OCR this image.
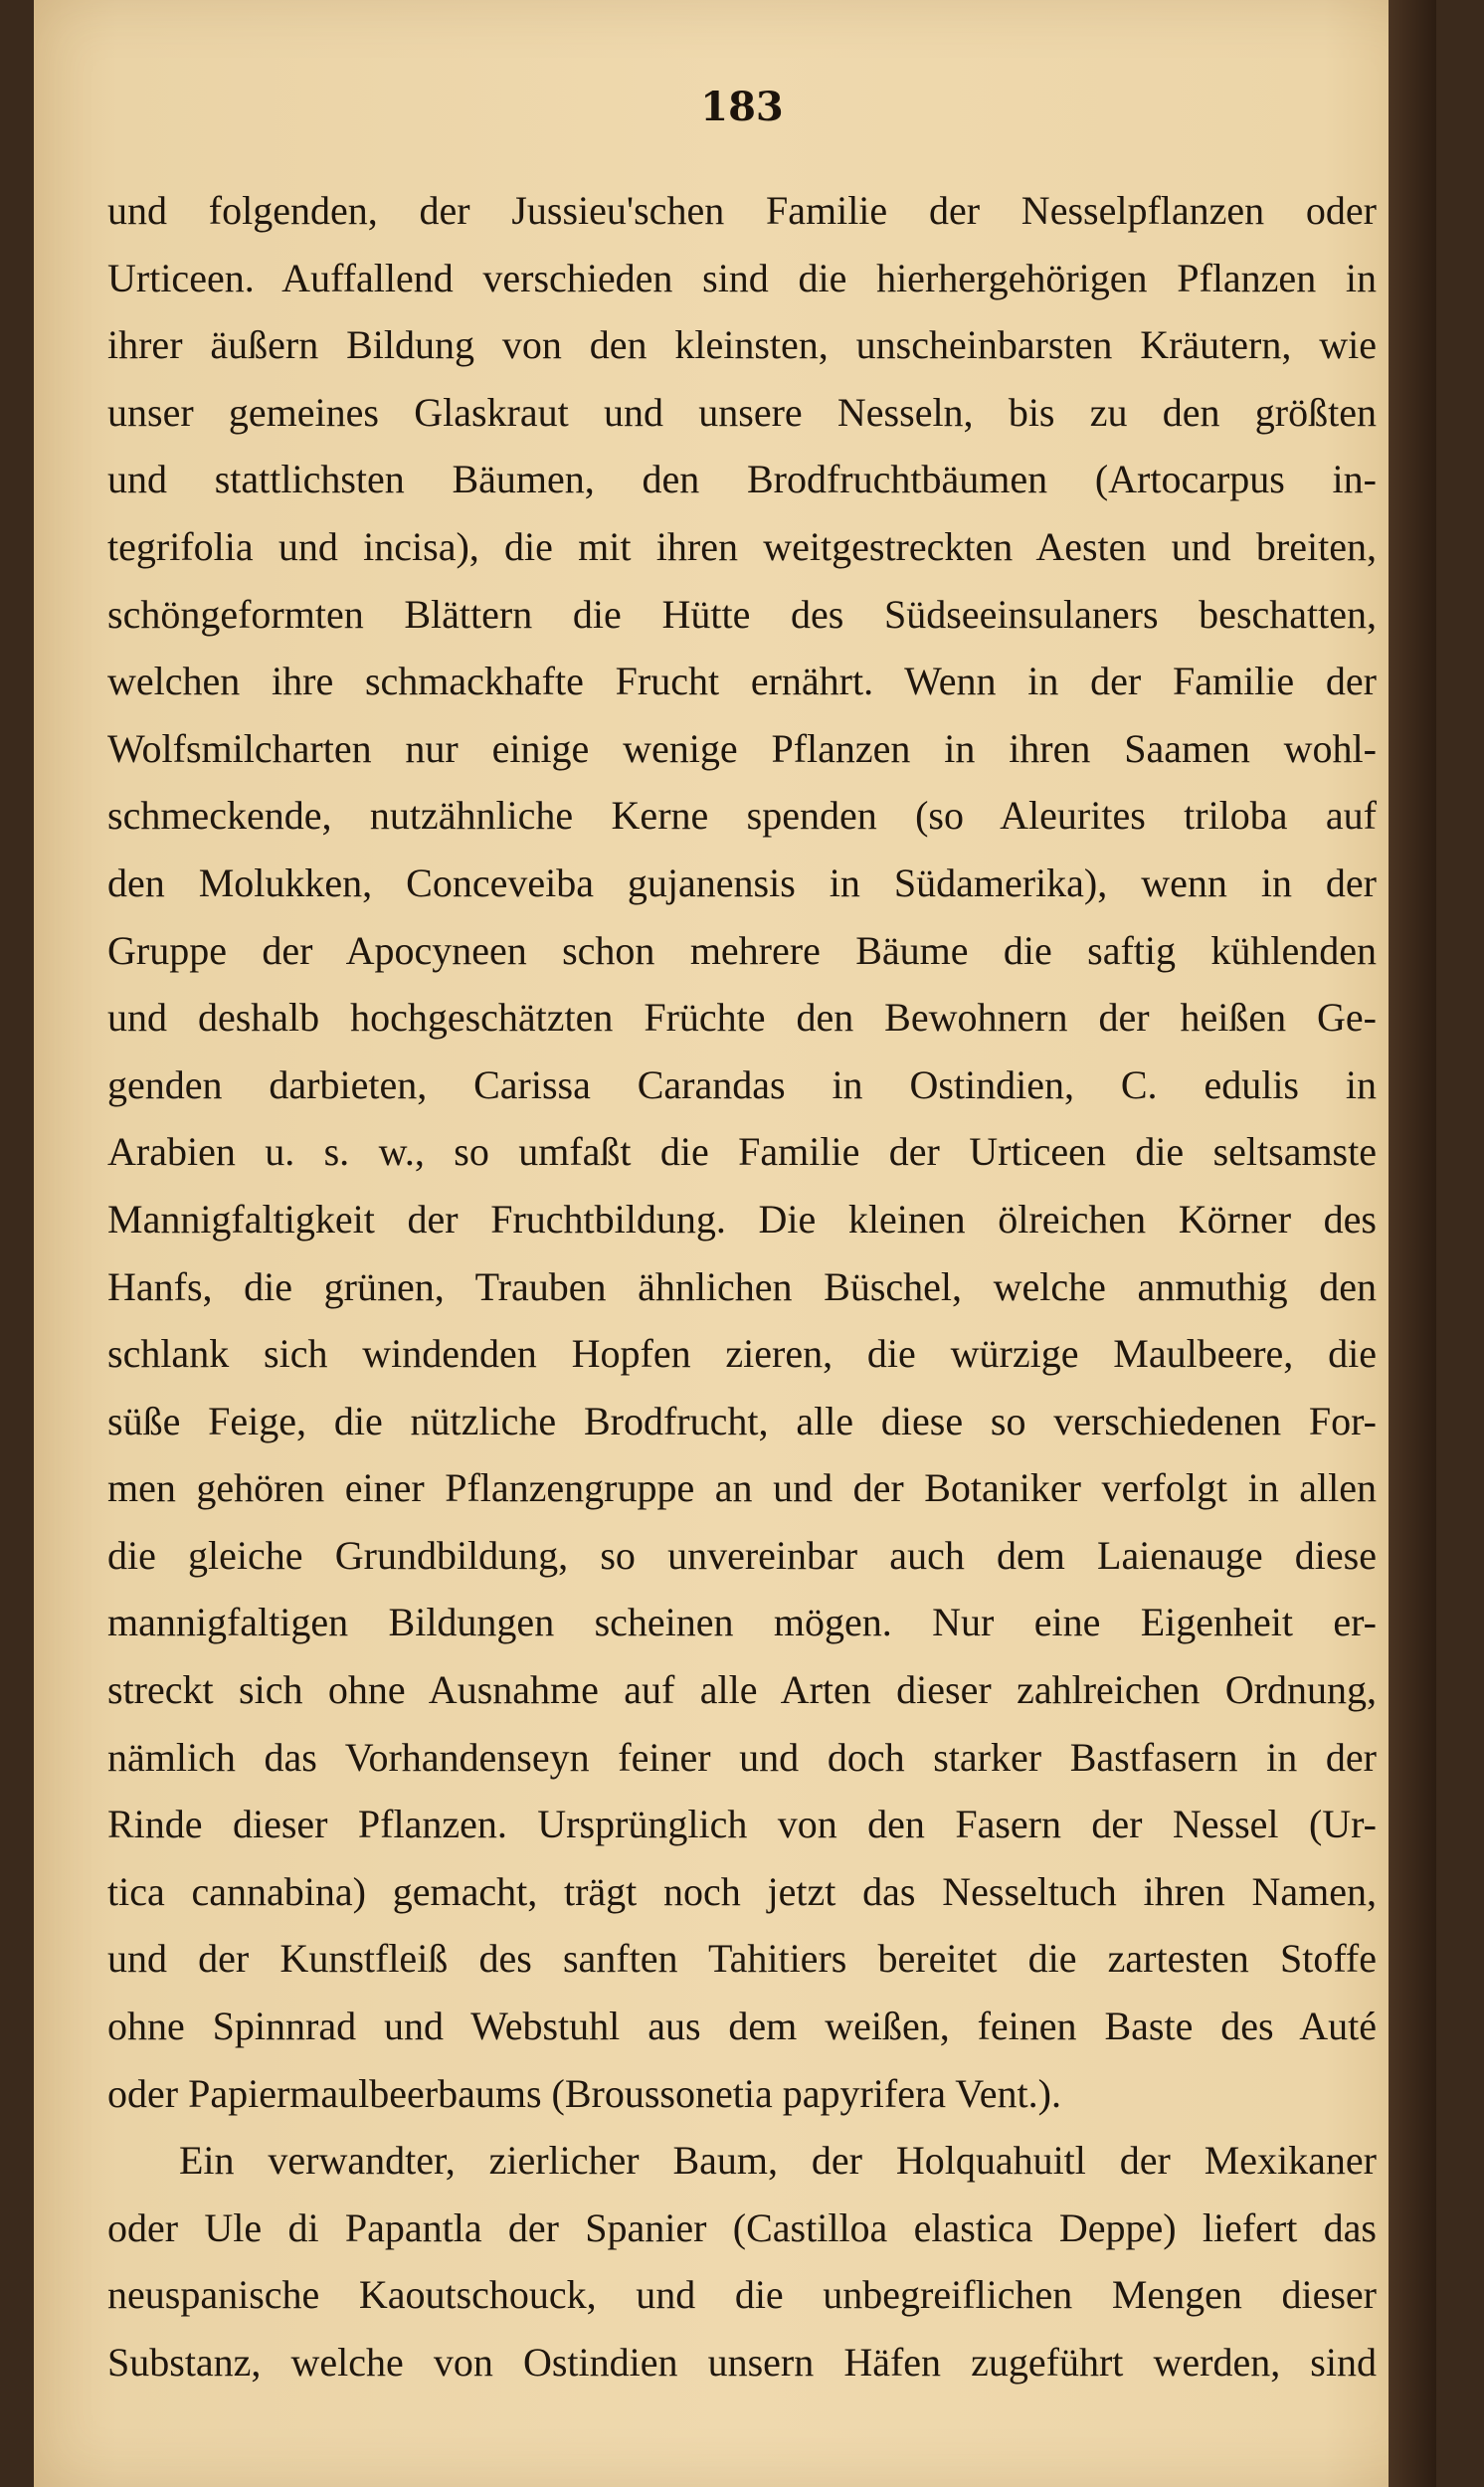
183
und folgenden, der Jussieu'schen Familie der Nesselpflanzen oder
Urticeen. Auffallend verschieden sind die hierhergehörigen Pflanzen in
ihrer äußern Bildung von den kleinsten, unscheinbarsten Kräutern, wie
unser gemeines Glaskraut und unsere Nesseln, bis zu den größten
und stattlichsten Bäumen, den Brodfruchtbäumen (Artocarpus in-
tegrifolia und incisa), die mit ihren weitgestreckten Aesten und breiten,
schöngeformten Blättern die Hütte des Südseeinsulaners beschatten,
welchen ihre schmackhafte Frucht ernährt. Wenn in der Familie der
Wolfsmilcharten nur einige wenige Pflanzen in ihren Saamen wohl-
schmeckende, nutzähnliche Kerne spenden (so Aleurites triloba auf
den Molukken, Conceveiba gujanensis in Südamerika), wenn in der
Gruppe der Apocyneen schon mehrere Bäume die saftig kühlenden
und deshalb hochgeschätzten Früchte den Bewohnern der heißen Ge-
genden darbieten, Carissa Carandas in Ostindien, C. edulis in
Arabien u. s. w., so umfaßt die Familie der Urticeen die seltsamste
Mannigfaltigkeit der Fruchtbildung. Die kleinen ölreichen Körner des
Hanfs, die grünen, Trauben ähnlichen Büschel, welche anmuthig den
schlank sich windenden Hopfen zieren, die würzige Maulbeere, die
süße Feige, die nützliche Brodfrucht, alle diese so verschiedenen For-
men gehören einer Pflanzengruppe an und der Botaniker verfolgt in allen
die gleiche Grundbildung, so unvereinbar auch dem Laienauge diese
mannigfaltigen Bildungen scheinen mögen. Nur eine Eigenheit er-
streckt sich ohne Ausnahme auf alle Arten dieser zahlreichen Ordnung,
nämlich das Vorhandenseyn feiner und doch starker Bastfasern in der
Rinde dieser Pflanzen. Ursprünglich von den Fasern der Nessel (Ur-
tica cannabina) gemacht, trägt noch jetzt das Nesseltuch ihren Namen,
und der Kunstfleiß des sanften Tahitiers bereitet die zartesten Stoffe
ohne Spinnrad und Webstuhl aus dem weißen, feinen Baste des Auté
oder Papiermaulbeerbaums (Broussonetia papyrifera Vent.).
Ein verwandter, zierlicher Baum, der Holquahuitl der Mexikaner
oder Ule di Papantla der Spanier (Castilloa elastica Deppe) liefert das
neuspanische Kaoutschouck, und die unbegreiflichen Mengen dieser
Substanz, welche von Ostindien unsern Häfen zugeführt werden, sind
